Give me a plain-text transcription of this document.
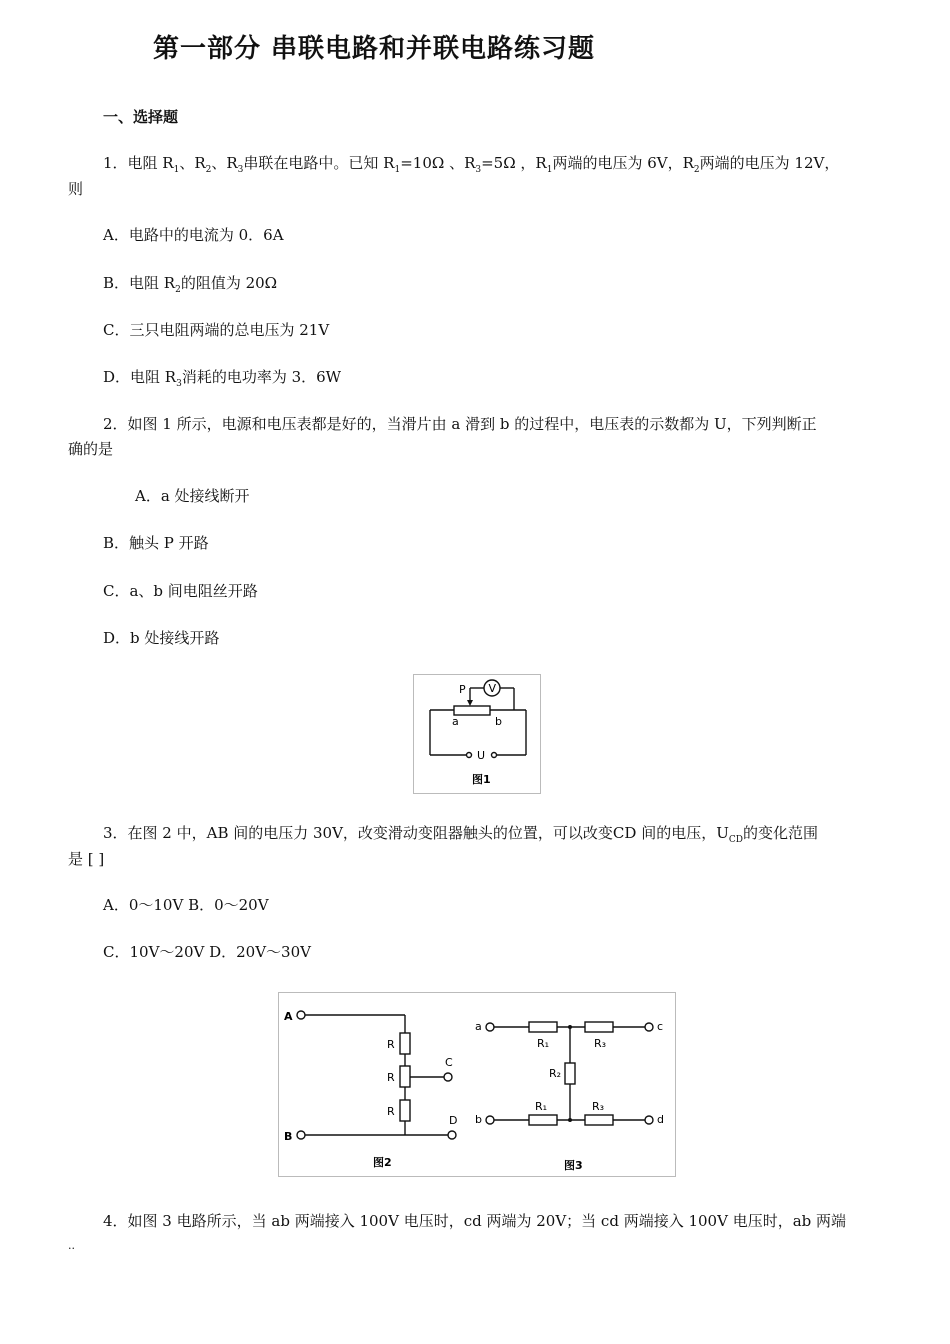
第一部分 串联电路和并联电路练习题
一、选择题
1．电阻 $R_1$、$R_2$、$R_3$串联在电路中。已知 $R_1=10\Omega$ 、$R_3=5\Omega$ ，$R_1$两端的电压为 6V，$R_2$两端的电压为 12V，
则
A．电路中的电流为 0．6A
B．电阻 $R_2$的阻值为 20Ω
C．三只电阻两端的总电压为 21V
D．电阻 $R_3$消耗的电功率为 3．6W
2．如图 1 所示，电源和电压表都是好的，当滑片由 a 滑到 b 的过程中，电压表的示数都为 U，下列判断正
确的是
A．a 处接线断开
B．触头 P 开路
C．a、b 间电阻丝开路
D．b 处接线开路
P V
a	b
U
图1
3．在图 2 中，AB 间的电压力 30V，改变滑动变阻器触头的位置，可以改变CD 间的电压，$U_{CD}$的变化范围
是 [ ]
A．0～10V B．0～20V
C．10V～20V D．20V～30V
A
B
C
D
R
R
R
图2
a
b
c
d
R₁	R₃
R₂
R₁	R₃
图3
4．如图 3 电路所示，当 ab 两端接入 100V 电压时，cd 两端为 20V；当 cd 两端接入 100V 电压时，ab 两端
..
